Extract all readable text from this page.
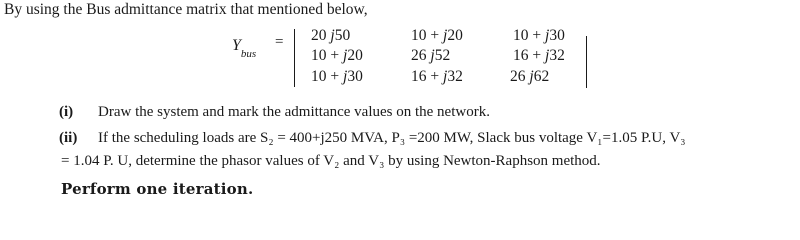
By using the Bus admittance matrix that mentioned below,
$Y_{bus}$
= 20 j50	10 + j20	10 + j30
10 + j20	26 j52	16 + j32
10 + j30	16 + j32	26 j62
(i) Draw the system and mark the admittance values on the network.
(ii) If the scheduling loads are S₂ = 400+j250 MVA, P₃ =200 MW, Slack bus voltage V₁=1.05 P.U, V₃
= 1.04 P. U, determine the phasor values of V₂ and V₃ by using Newton-Raphson method.
Perform one iteration.
